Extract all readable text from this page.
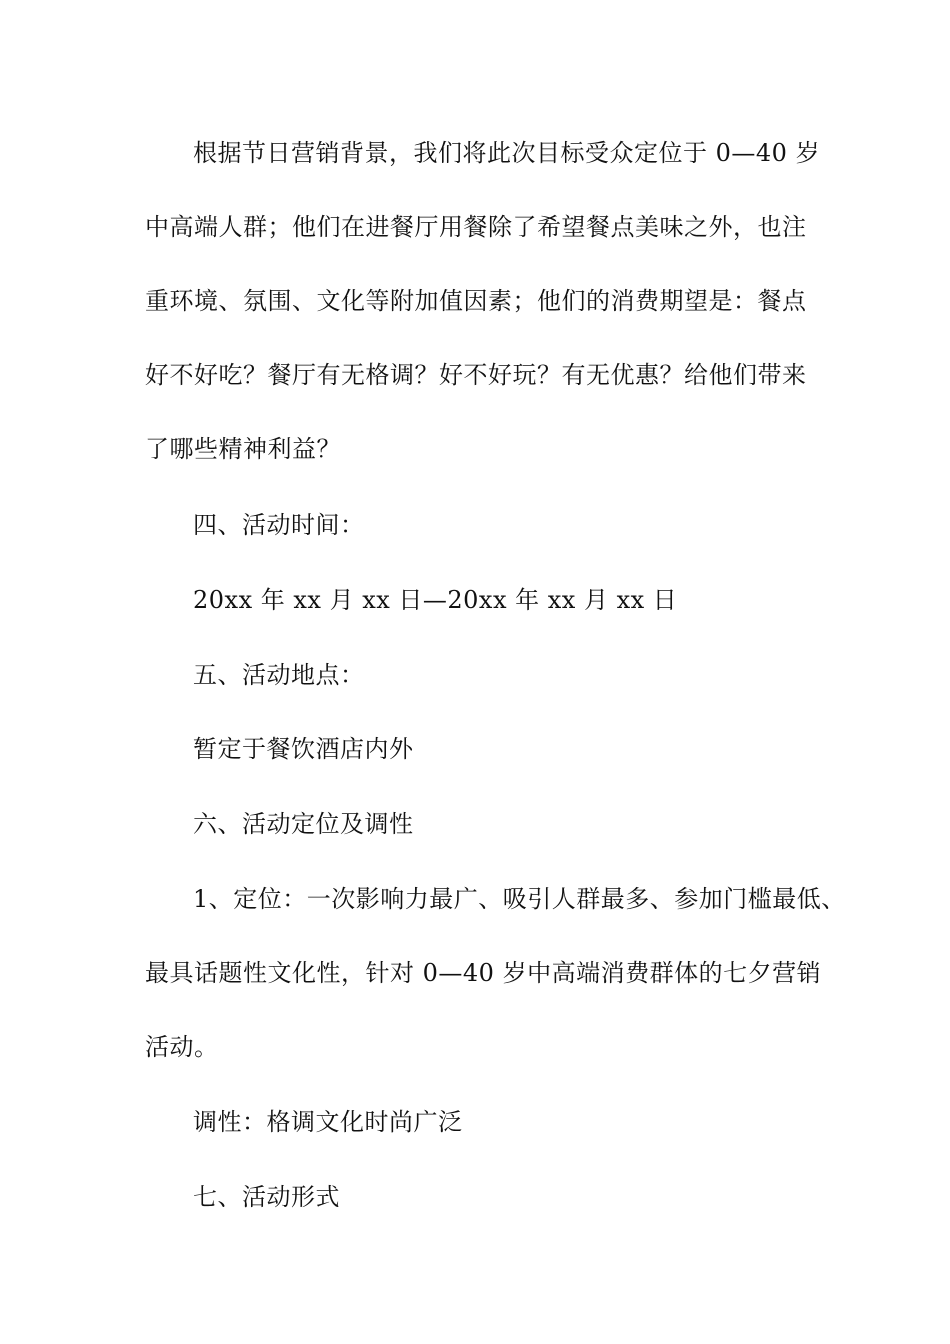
根据节日营销背景，我们将此次目标受众定位于 0—40 岁
中高端人群；他们在进餐厅用餐除了希望餐点美味之外，也注
重环境、氛围、文化等附加值因素；他们的消费期望是：餐点
好不好吃？餐厅有无格调？好不好玩？有无优惠？给他们带来
了哪些精神利益？
四、活动时间：
20xx 年 xx 月 xx 日—20xx 年 xx 月 xx 日
五、活动地点：
暂定于餐饮酒店内外
六、活动定位及调性
1、定位：一次影响力最广、吸引人群最多、参加门槛最低、
最具话题性文化性，针对 0—40 岁中高端消费群体的七夕营销
活动。
调性：格调文化时尚广泛
七、活动形式
